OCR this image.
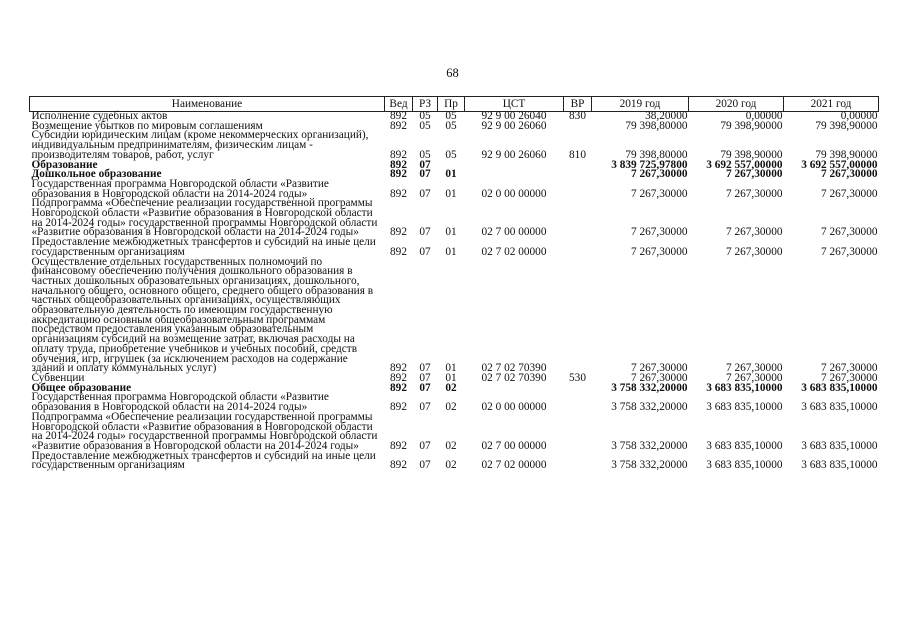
68
Наименование	Вед	РЗ	Пр	ЦСТ	ВР	2019 год	2020 год	2021 год
Исполнение судебных актов	892	05	05	92 9 00 26040	830	38,20000	0,00000	0,00000
Возмещение убытков по мировым соглашениям	892	05	05	92 9 00 26060		79 398,80000	79 398,90000	79 398,90000
Субсидии юридическим лицам (кроме некоммерческих организаций), индивидуальным предпринимателям, физическим лицам - производителям товаров, работ, услуг	892	05	05	92 9 00 26060	810	79 398,80000	79 398,90000	79 398,90000
Образование	892	07				3 839 725,97800	3 692 557,00000	3 692 557,00000
Дошкольное образование	892	07	01			7 267,30000	7 267,30000	7 267,30000
Государственная программа Новгородской области «Развитие образования в Новгородской области на 2014-2024 годы»	892	07	01	02 0 00 00000		7 267,30000	7 267,30000	7 267,30000
Подпрограмма «Обеспечение реализации государственной программы Новгородской области «Развитие образования в Новгородской области на 2014-2024 годы» государственной программы Новгородской области «Развитие образования в Новгородской области на 2014-2024 годы»	892	07	01	02 7 00 00000		7 267,30000	7 267,30000	7 267,30000
Предоставление межбюджетных трансфертов и субсидий на иные цели государственным организациям	892	07	01	02 7 02 00000		7 267,30000	7 267,30000	7 267,30000
Осуществление отдельных государственных полномочий по финансовому обеспечению получения дошкольного образования в частных дошкольных образовательных организациях, дошкольного, начального общего, основного общего, среднего общего образования в частных общеобразовательных организациях, осуществляющих образовательную деятельность по имеющим государственную аккредитацию основным общеобразовательным программам посредством предоставления указанным образовательным организациям субсидий на возмещение затрат, включая расходы на оплату труда, приобретение учебников и учебных пособий, средств обучения, игр, игрушек (за исключением расходов на содержание зданий и оплату коммунальных услуг)	892	07	01	02 7 02 70390		7 267,30000	7 267,30000	7 267,30000
Субвенции	892	07	01	02 7 02 70390	530	7 267,30000	7 267,30000	7 267,30000
Общее образование	892	07	02			3 758 332,20000	3 683 835,10000	3 683 835,10000
Государственная программа Новгородской области «Развитие образования в Новгородской области на 2014-2024 годы»	892	07	02	02 0 00 00000		3 758 332,20000	3 683 835,10000	3 683 835,10000
Подпрограмма «Обеспечение реализации государственной программы Новгородской области «Развитие образования в Новгородской области на 2014-2024 годы» государственной программы Новгородской области «Развитие образования в Новгородской области на 2014-2024 годы»	892	07	02	02 7 00 00000		3 758 332,20000	3 683 835,10000	3 683 835,10000
Предоставление межбюджетных трансфертов и субсидий на иные цели государственным организациям	892	07	02	02 7 02 00000		3 758 332,20000	3 683 835,10000	3 683 835,10000
